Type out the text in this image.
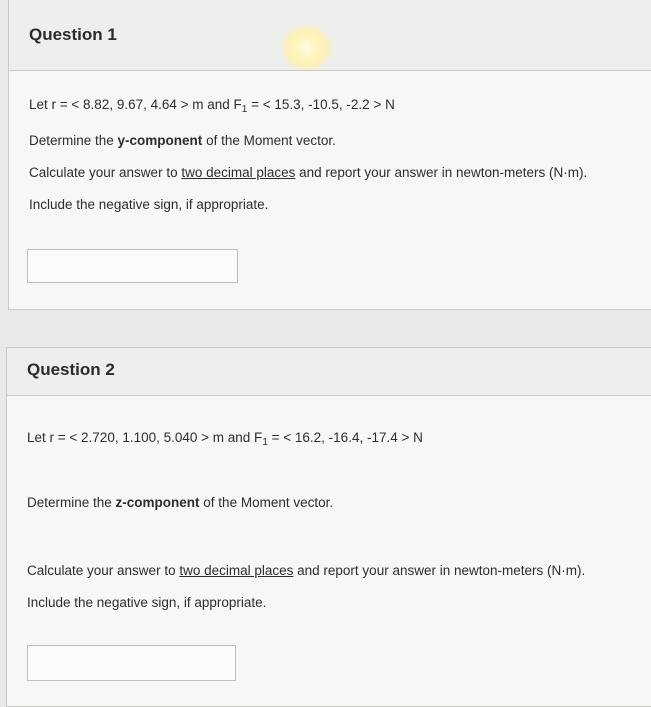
Question 1
Let r = < 8.82, 9.67, 4.64 > m and $F_1$ = < 15.3, -10.5, -2.2 > N
Determine the y-component of the Moment vector.
Calculate your answer to two decimal places and report your answer in newton-meters (N·m).
Include the negative sign, if appropriate.
Question 2
Let r = < 2.720, 1.100, 5.040 > m and $F_1$ = < 16.2, -16.4, -17.4 > N
Determine the z-component of the Moment vector.
Calculate your answer to two decimal places and report your answer in newton-meters (N·m).
Include the negative sign, if appropriate.
